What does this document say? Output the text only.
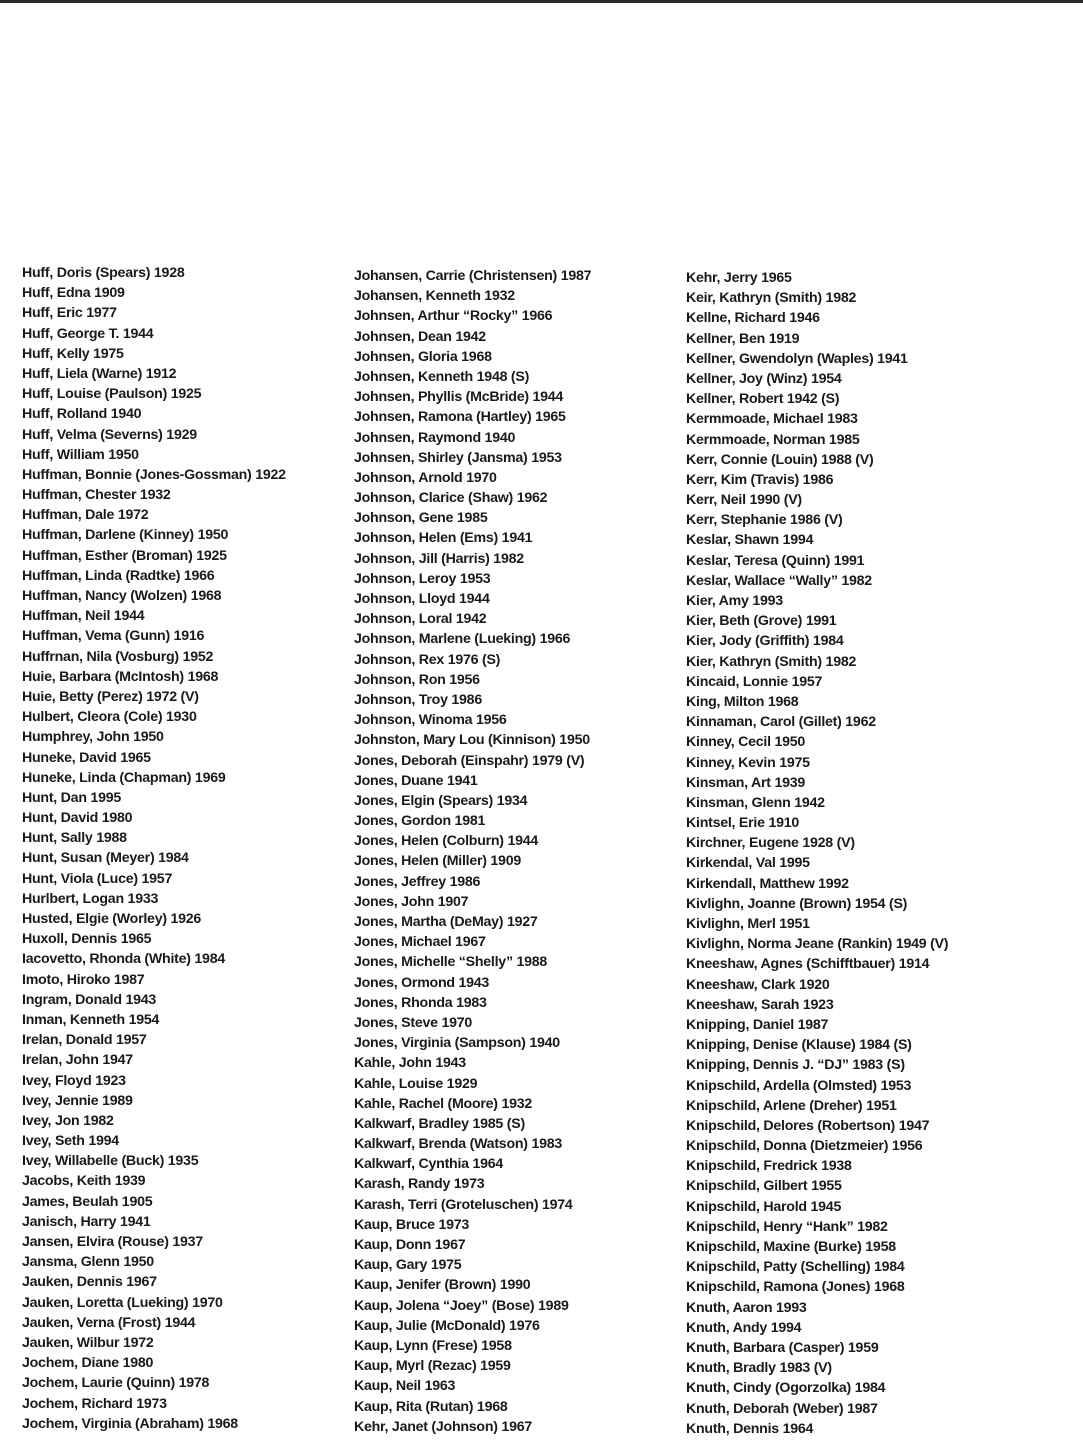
Huff, Doris (Spears) 1928
Huff, Edna 1909
Huff, Eric 1977
Huff, George T. 1944
Huff, Kelly 1975
Huff, Liela (Warne) 1912
Huff, Louise (Paulson) 1925
Huff, Rolland 1940
Huff, Velma (Severns) 1929
Huff, William 1950
Huffman, Bonnie (Jones-Gossman) 1922
Huffman, Chester 1932
Huffman, Dale 1972
Huffman, Darlene (Kinney) 1950
Huffman, Esther (Broman) 1925
Huffman, Linda (Radtke) 1966
Huffman, Nancy (Wolzen) 1968
Huffman, Neil 1944
Huffman, Vema (Gunn) 1916
Huffrnan, Nila (Vosburg) 1952
Huie, Barbara (McIntosh) 1968
Huie, Betty (Perez) 1972 (V)
Hulbert, Cleora (Cole) 1930
Humphrey, John 1950
Huneke, David 1965
Huneke, Linda (Chapman) 1969
Hunt, Dan 1995
Hunt, David 1980
Hunt, Sally 1988
Hunt, Susan (Meyer) 1984
Hunt, Viola (Luce) 1957
Hurlbert, Logan 1933
Husted, Elgie (Worley) 1926
Huxoll, Dennis 1965
Iacovetto, Rhonda (White) 1984
Imoto, Hiroko 1987
Ingram, Donald 1943
Inman, Kenneth 1954
Irelan, Donald 1957
Irelan, John 1947
Ivey, Floyd 1923
Ivey, Jennie 1989
Ivey, Jon 1982
Ivey, Seth 1994
Ivey, Willabelle (Buck) 1935
Jacobs, Keith 1939
James, Beulah 1905
Janisch, Harry 1941
Jansen, Elvira (Rouse) 1937
Jansma, Glenn 1950
Jauken, Dennis 1967
Jauken, Loretta (Lueking) 1970
Jauken, Verna (Frost) 1944
Jauken, Wilbur 1972
Jochem, Diane 1980
Jochem, Laurie (Quinn) 1978
Jochem, Richard 1973
Jochem, Virginia (Abraham) 1968
Johansen, Carrie (Christensen) 1987
Johansen, Kenneth 1932
Johnsen, Arthur “Rocky” 1966
Johnsen, Dean 1942
Johnsen, Gloria 1968
Johnsen, Kenneth 1948 (S)
Johnsen, Phyllis (McBride) 1944
Johnsen, Ramona (Hartley) 1965
Johnsen, Raymond 1940
Johnsen, Shirley (Jansma) 1953
Johnson, Arnold 1970
Johnson, Clarice (Shaw) 1962
Johnson, Gene 1985
Johnson, Helen (Ems) 1941
Johnson, Jill (Harris) 1982
Johnson, Leroy 1953
Johnson, Lloyd 1944
Johnson, Loral 1942
Johnson, Marlene (Lueking) 1966
Johnson, Rex 1976 (S)
Johnson, Ron 1956
Johnson, Troy 1986
Johnson, Winoma 1956
Johnston, Mary Lou (Kinnison) 1950
Jones, Deborah (Einspahr) 1979 (V)
Jones, Duane 1941
Jones, Elgin (Spears) 1934
Jones, Gordon 1981
Jones, Helen (Colburn) 1944
Jones, Helen (Miller) 1909
Jones, Jeffrey 1986
Jones, John 1907
Jones, Martha (DeMay) 1927
Jones, Michael 1967
Jones, Michelle “Shelly” 1988
Jones, Ormond 1943
Jones, Rhonda 1983
Jones, Steve 1970
Jones, Virginia (Sampson) 1940
Kahle, John 1943
Kahle, Louise 1929
Kahle, Rachel (Moore) 1932
Kalkwarf, Bradley 1985 (S)
Kalkwarf, Brenda (Watson) 1983
Kalkwarf, Cynthia 1964
Karash, Randy 1973
Karash, Terri (Groteluschen) 1974
Kaup, Bruce 1973
Kaup, Donn 1967
Kaup, Gary 1975
Kaup, Jenifer (Brown) 1990
Kaup, Jolena “Joey” (Bose) 1989
Kaup, Julie (McDonald) 1976
Kaup, Lynn (Frese) 1958
Kaup, Myrl (Rezac) 1959
Kaup, Neil 1963
Kaup, Rita (Rutan) 1968
Kehr, Janet (Johnson) 1967
Kehr, Jerry 1965
Keir, Kathryn (Smith) 1982
Kellne, Richard 1946
Kellner, Ben 1919
Kellner, Gwendolyn (Waples) 1941
Kellner, Joy (Winz) 1954
Kellner, Robert 1942 (S)
Kermmoade, Michael 1983
Kermmoade, Norman 1985
Kerr, Connie (Louin) 1988 (V)
Kerr, Kim (Travis) 1986
Kerr, Neil 1990 (V)
Kerr, Stephanie 1986 (V)
Keslar, Shawn 1994
Keslar, Teresa (Quinn) 1991
Keslar, Wallace “Wally” 1982
Kier, Amy 1993
Kier, Beth (Grove) 1991
Kier, Jody (Griffith) 1984
Kier, Kathryn (Smith) 1982
Kincaid, Lonnie 1957
King, Milton 1968
Kinnaman, Carol (Gillet) 1962
Kinney, Cecil 1950
Kinney, Kevin 1975
Kinsman, Art 1939
Kinsman, Glenn 1942
Kintsel, Erie 1910
Kirchner, Eugene 1928 (V)
Kirkendal, Val 1995
Kirkendall, Matthew 1992
Kivlighn, Joanne (Brown) 1954 (S)
Kivlighn, Merl 1951
Kivlighn, Norma Jeane (Rankin) 1949 (V)
Kneeshaw, Agnes (Schifftbauer) 1914
Kneeshaw, Clark 1920
Kneeshaw, Sarah 1923
Knipping, Daniel 1987
Knipping, Denise (Klause) 1984 (S)
Knipping, Dennis J. “DJ” 1983 (S)
Knipschild, Ardella (Olmsted) 1953
Knipschild, Arlene (Dreher) 1951
Knipschild, Delores (Robertson) 1947
Knipschild, Donna (Dietzmeier) 1956
Knipschild, Fredrick 1938
Knipschild, Gilbert 1955
Knipschild, Harold 1945
Knipschild, Henry “Hank” 1982
Knipschild, Maxine (Burke) 1958
Knipschild, Patty (Schelling) 1984
Knipschild, Ramona (Jones) 1968
Knuth, Aaron 1993
Knuth, Andy 1994
Knuth, Barbara (Casper) 1959
Knuth, Bradly 1983 (V)
Knuth, Cindy (Ogorzolka) 1984
Knuth, Deborah (Weber) 1987
Knuth, Dennis 1964
